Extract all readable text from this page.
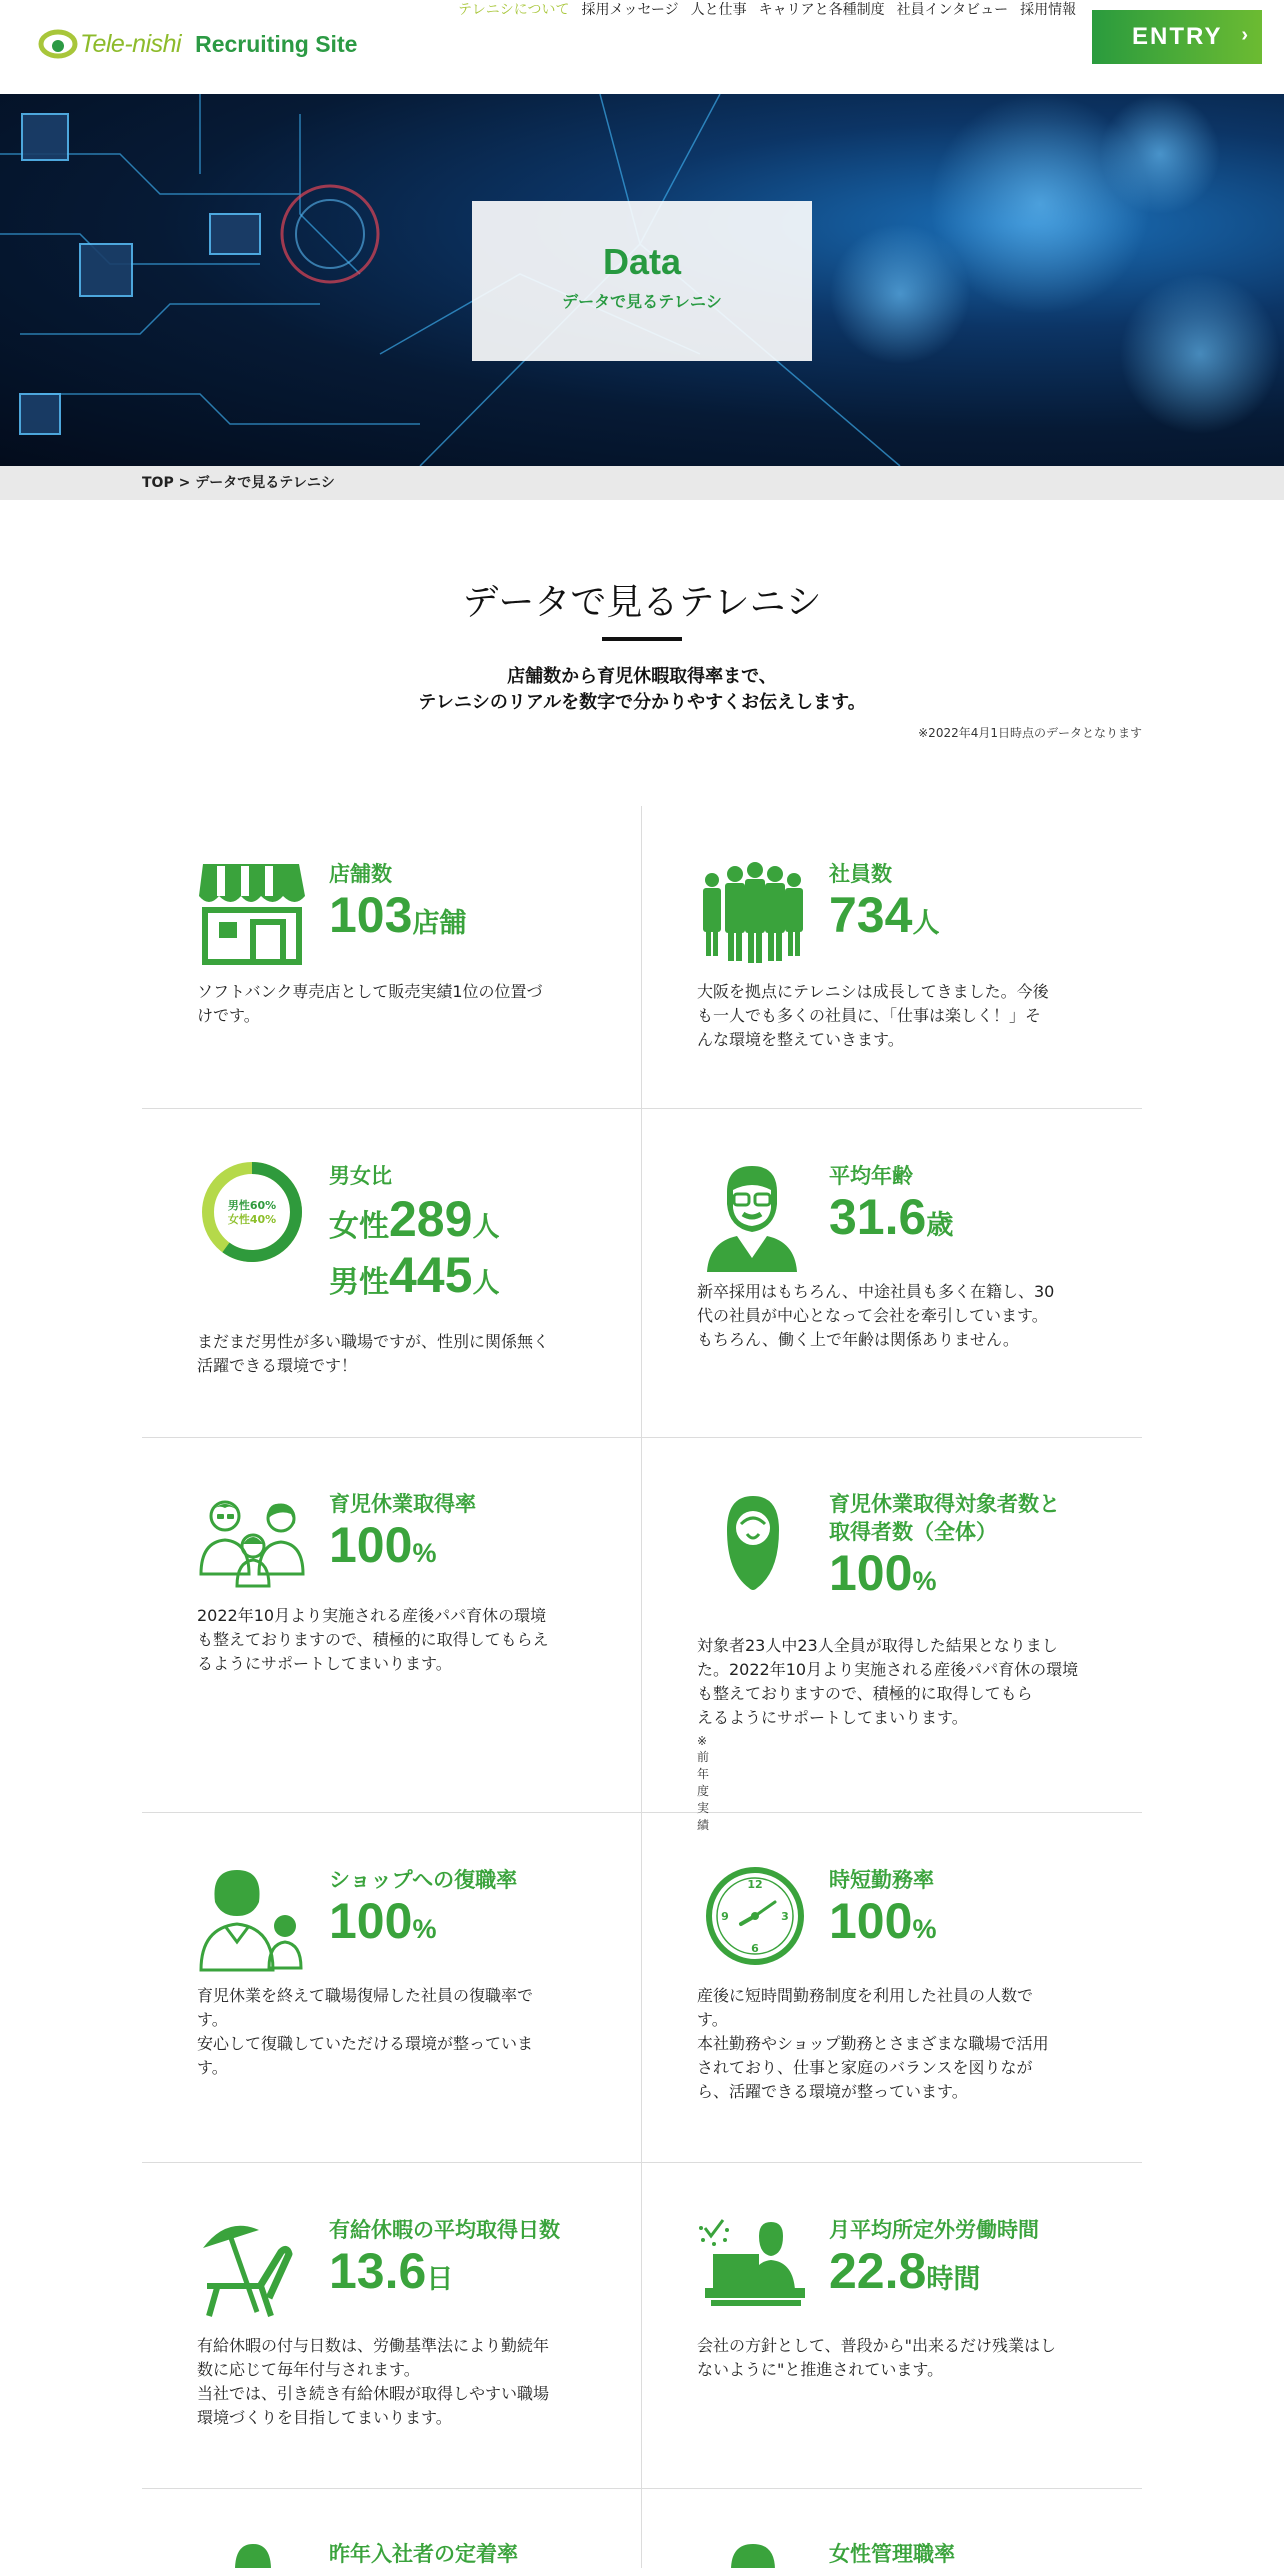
Tele-nishi Recruiting Site
テレニシについて 採用メッセージ 人と仕事 キャリアと各種制度 社員インタビュー 採用情報
ENTRY ›
Data
データで見るテレニシ
TOP > データで見るテレニシ
データで見るテレニシ
店舗数から育児休暇取得率まで、
テレニシのリアルを数字で分かりやすくお伝えします。
※2022年4月1日時点のデータとなります
店舗数
103店舗
ソフトバンク専売店として販売実績1位の位置づ
けです。
社員数
734人
大阪を拠点にテレニシは成長してきました。今後
も一人でも多くの社員に、「仕事は楽しく！」そ
んな環境を整えていきます。
男性60%
女性40%
男女比
女性289人
男性445人
まだまだ男性が多い職場ですが、性別に関係無く
活躍できる環境です！
平均年齢
31.6歳
新卒採用はもちろん、中途社員も多く在籍し、30
代の社員が中心となって会社を牽引しています。
もちろん、働く上で年齢は関係ありません。
育児休業取得率
100%
2022年10月より実施される産後パパ育休の環境
も整えておりますので、積極的に取得してもらえ
るようにサポートしてまいります。
育児休業取得対象者数と
取得者数（全体）
100%
対象者23人中23人全員が取得した結果となりまし
た。2022年10月より実施される産後パパ育休の環境
も整えておりますので、積極的に取得してもら
えるようにサポートしてまいります。
※前年度実績
ショップへの復職率
100%
育児休業を終えて職場復帰した社員の復職率で
す。
安心して復職していただける環境が整っていま
す。
12
3
6
9
時短勤務率
100%
産後に短時間勤務制度を利用した社員の人数で
す。
本社勤務やショップ勤務とさまざまな職場で活用
されており、仕事と家庭のバランスを図りなが
ら、活躍できる環境が整っています。
有給休暇の平均取得日数
13.6日
有給休暇の付与日数は、労働基準法により勤続年
数に応じて毎年付与されます。
当社では、引き続き有給休暇が取得しやすい職場
環境づくりを目指してまいります。
月平均所定外労働時間
22.8時間
会社の方針として、普段から"出来るだけ残業はし
ないように"と推進されています。
昨年入社者の定着率	女性管理職率
